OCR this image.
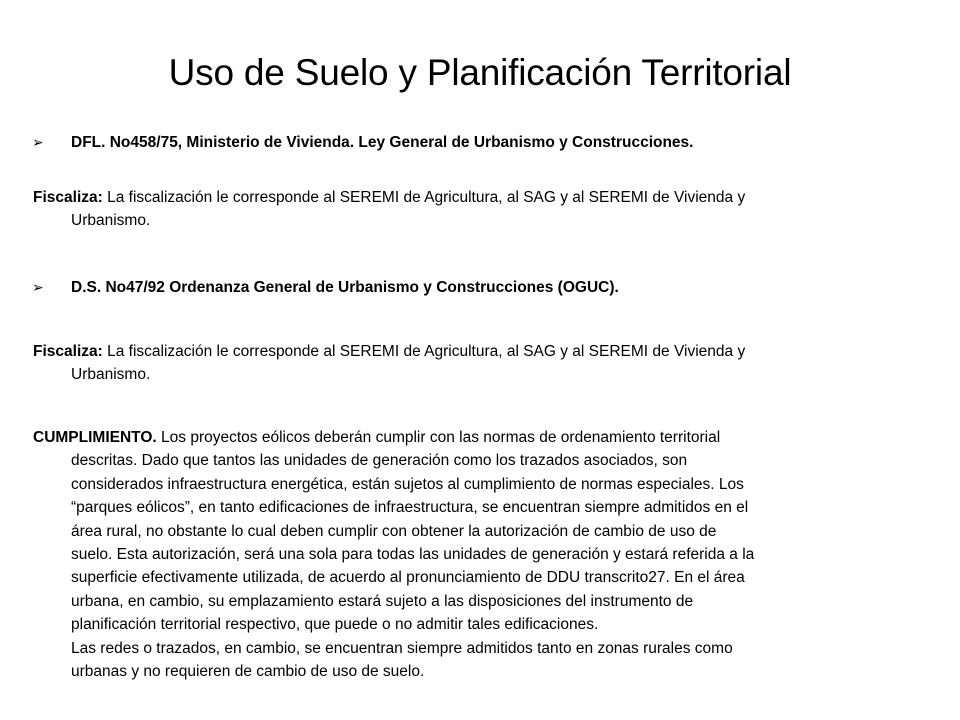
Uso de Suelo y Planificación Territorial
➢ DFL. No458/75, Ministerio de Vivienda. Ley General de Urbanismo y Construcciones.
Fiscaliza: La fiscalización le corresponde al SEREMI de Agricultura, al SAG y al SEREMI de Vivienda y
Urbanismo.
➢ D.S. No47/92 Ordenanza General de Urbanismo y Construcciones (OGUC).
Fiscaliza: La fiscalización le corresponde al SEREMI de Agricultura, al SAG y al SEREMI de Vivienda y
Urbanismo.
CUMPLIMIENTO. Los proyectos eólicos deberán cumplir con las normas de ordenamiento territorial
descritas. Dado que tantos las unidades de generación como los trazados asociados, son
considerados infraestructura energética, están sujetos al cumplimiento de normas especiales. Los
“parques eólicos”, en tanto edificaciones de infraestructura, se encuentran siempre admitidos en el
área rural, no obstante lo cual deben cumplir con obtener la autorización de cambio de uso de
suelo. Esta autorización, será una sola para todas las unidades de generación y estará referida a la
superficie efectivamente utilizada, de acuerdo al pronunciamiento de DDU transcrito27. En el área
urbana, en cambio, su emplazamiento estará sujeto a las disposiciones del instrumento de
planificación territorial respectivo, que puede o no admitir tales edificaciones.
Las redes o trazados, en cambio, se encuentran siempre admitidos tanto en zonas rurales como
urbanas y no requieren de cambio de uso de suelo.
